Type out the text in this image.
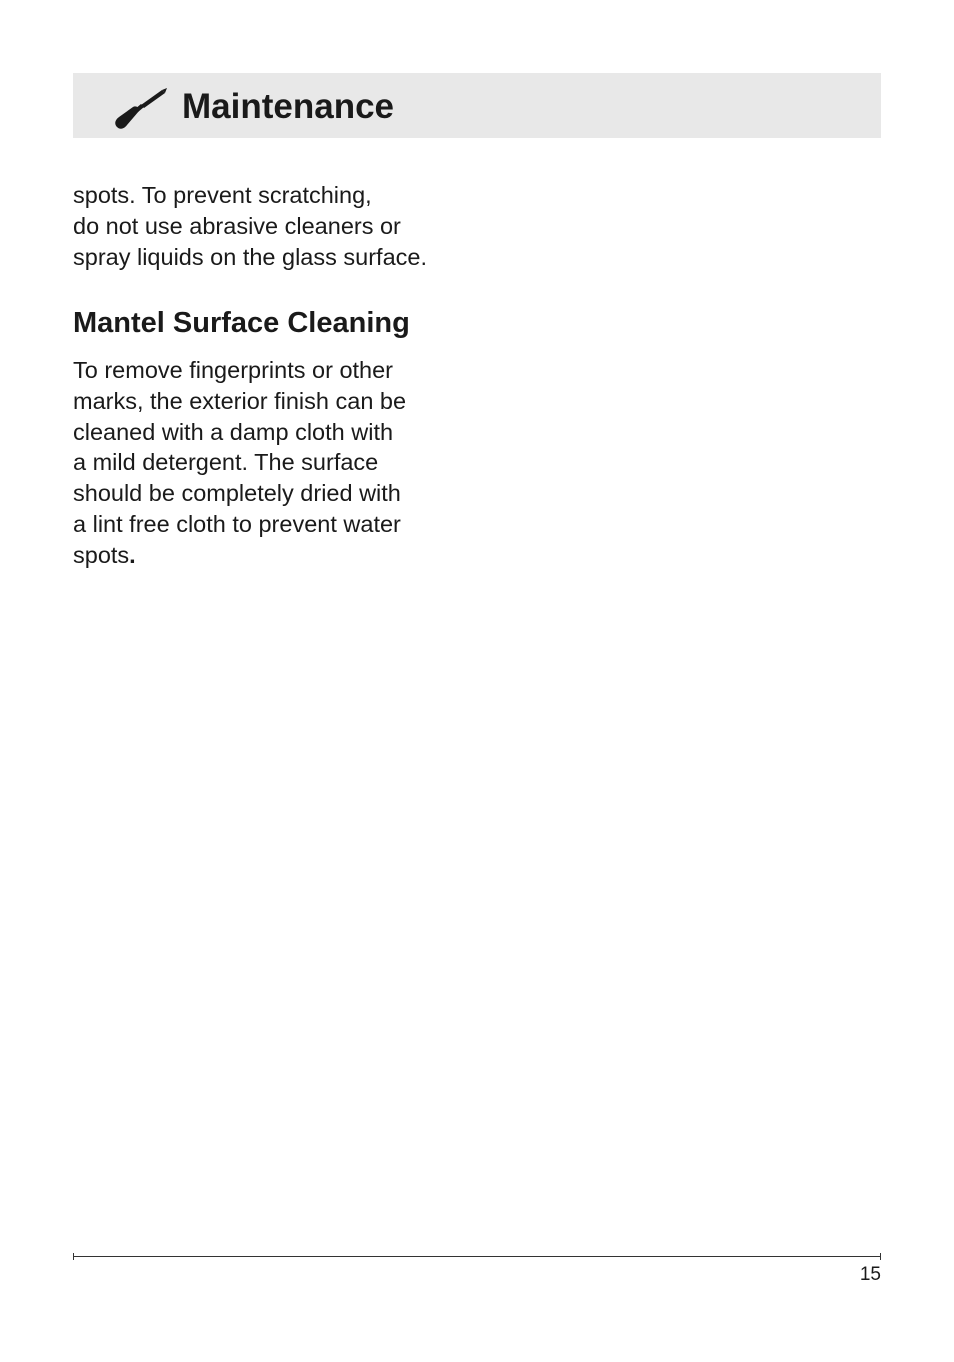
Maintenance

spots. To prevent scratching,
do not use abrasive cleaners or
spray liquids on the glass surface.

Mantel Surface Cleaning

To remove fingerprints or other
marks, the exterior finish can be
cleaned with a damp cloth with
a mild detergent. The surface
should be completely dried with
a lint free cloth to prevent water
spots.

15
